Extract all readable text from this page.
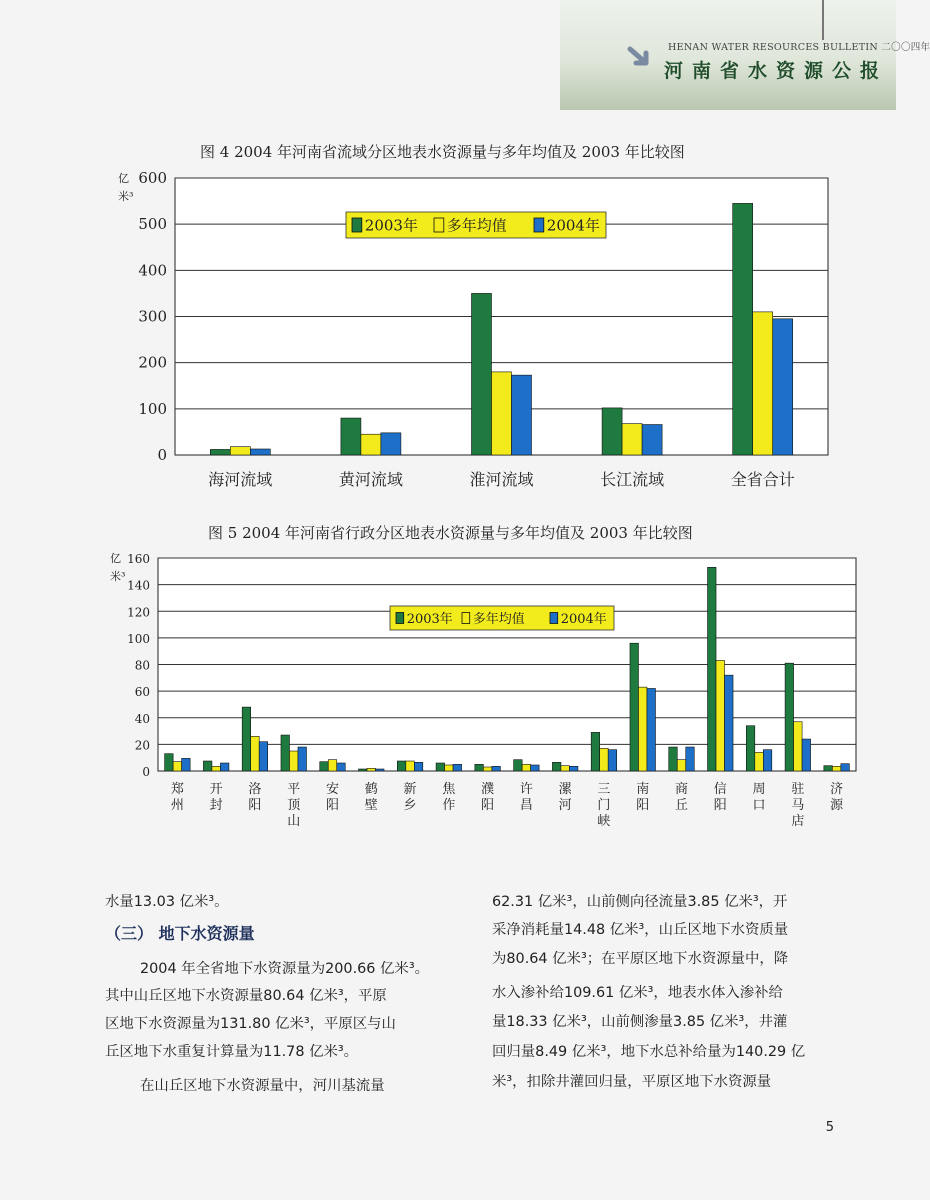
HENAN WATER RESOURCES BULLETIN 二〇〇四年
河南省水资源公报
图 4 2004 年河南省流域分区地表水资源量与多年均值及 2003 年比较图
0
100
200
300
400
500
600
亿
米³
海河流域	黄河流域	淮河流域	长江流域	全省合计
2003年 多年均值	2004年
图 5 2004 年河南省行政分区地表水资源量与多年均值及 2003 年比较图
0
20
40
60
80
100
120
140
160
亿
米³
郑
州
开
封
洛
阳
平
顶
山
安
阳
鹤
壁
新
乡
焦
作
濮
阳
许
昌
漯
河
三
门
峡
南
阳
商
丘
信
阳
周
口
驻
马
店
济
源
2003年 多年均值	2004年

水量13.03 亿米³。

（三） 地下水资源量

2004 年全省地下水资源量为200.66 亿米³。

其中山丘区地下水资源量80.64 亿米³，平原

区地下水资源量为131.80 亿米³，平原区与山

丘区地下水重复计算量为11.78 亿米³。

在山丘区地下水资源量中，河川基流量

62.31 亿米³，山前侧向径流量3.85 亿米³，开

采净消耗量14.48 亿米³，山丘区地下水资质量

为80.64 亿米³；在平原区地下水资源量中，降

水入渗补给109.61 亿米³，地表水体入渗补给

量18.33 亿米³，山前侧渗量3.85 亿米³，井灌

回归量8.49 亿米³，地下水总补给量为140.29 亿

米³，扣除井灌回归量，平原区地下水资源量

5
